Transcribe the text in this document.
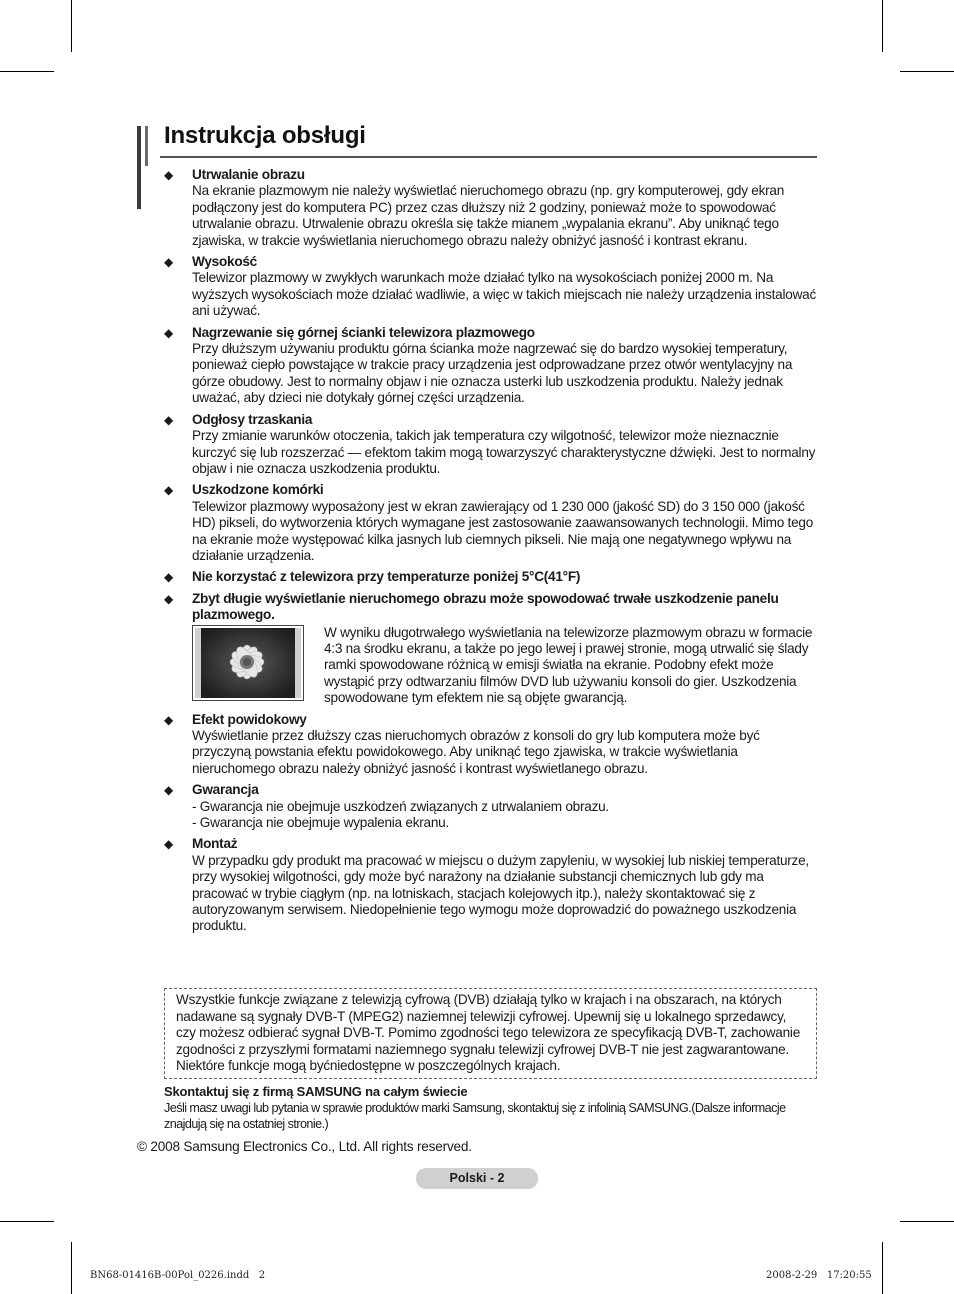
Instrukcja obsługi
◆ Utrwalanie obrazu
Na ekranie plazmowym nie należy wyświetlać nieruchomego obrazu (np. gry komputerowej, gdy ekran podłączony jest do komputera PC) przez czas dłuższy niż 2 godziny, ponieważ może to spowodować utrwalanie obrazu. Utrwalenie obrazu określa się także mianem „wypalania ekranu”. Aby uniknąć tego zjawiska, w trakcie wyświetlania nieruchomego obrazu należy obniżyć jasność i kontrast ekranu.
◆ Wysokość
Telewizor plazmowy w zwykłych warunkach może działać tylko na wysokościach poniżej 2000 m. Na wyższych wysokościach może działać wadliwie, a więc w takich miejscach nie należy urządzenia instalować ani używać.
◆ Nagrzewanie się górnej ścianki telewizora plazmowego
Przy dłuższym używaniu produktu górna ścianka może nagrzewać się do bardzo wysokiej temperatury, ponieważ ciepło powstające w trakcie pracy urządzenia jest odprowadzane przez otwór wentylacyjny na górze obudowy. Jest to normalny objaw i nie oznacza usterki lub uszkodzenia produktu. Należy jednak uważać, aby dzieci nie dotykały górnej części urządzenia.
◆ Odgłosy trzaskania
Przy zmianie warunków otoczenia, takich jak temperatura czy wilgotność, telewizor może nieznacznie kurczyć się lub rozszerzać — efektom takim mogą towarzyszyć charakterystyczne dźwięki. Jest to normalny objaw i nie oznacza uszkodzenia produktu.
◆ Uszkodzone komórki
Telewizor plazmowy wyposażony jest w ekran zawierający od 1 230 000 (jakość SD) do 3 150 000 (jakość HD) pikseli, do wytworzenia których wymagane jest zastosowanie zaawansowanych technologii. Mimo tego na ekranie może występować kilka jasnych lub ciemnych pikseli. Nie mają one negatywnego wpływu na działanie urządzenia.
◆ Nie korzystać z telewizora przy temperaturze poniżej 5°C(41°F)
◆ Zbyt długie wyświetlanie nieruchomego obrazu może spowodować trwałe uszkodzenie panelu plazmowego.
W wyniku długotrwałego wyświetlania na telewizorze plazmowym obrazu w formacie 4:3 na środku ekranu, a także po jego lewej i prawej stronie, mogą utrwalić się ślady ramki spowodowane różnicą w emisji światła na ekranie. Podobny efekt może wystąpić przy odtwarzaniu filmów DVD lub używaniu konsoli do gier. Uszkodzenia spowodowane tym efektem nie są objęte gwarancją.
◆ Efekt powidokowy
Wyświetlanie przez dłuższy czas nieruchomych obrazów z konsoli do gry lub komputera może być przyczyną powstania efektu powidokowego. Aby uniknąć tego zjawiska, w trakcie wyświetlania nieruchomego obrazu należy obniżyć jasność i kontrast wyświetlanego obrazu.
◆ Gwarancja
- Gwarancja nie obejmuje uszkodzeń związanych z utrwalaniem obrazu.
- Gwarancja nie obejmuje wypalenia ekranu.
◆ Montaż
W przypadku gdy produkt ma pracować w miejscu o dużym zapyleniu, w wysokiej lub niskiej temperaturze, przy wysokiej wilgotności, gdy może być narażony na działanie substancji chemicznych lub gdy ma pracować w trybie ciągłym (np. na lotniskach, stacjach kolejowych itp.), należy skontaktować się z autoryzowanym serwisem. Niedopełnienie tego wymogu może doprowadzić do poważnego uszkodzenia produktu.
Wszystkie funkcje związane z telewizją cyfrową (DVB) działają tylko w krajach i na obszarach, na których nadawane są sygnały DVB-T (MPEG2) naziemnej telewizji cyfrowej. Upewnij się u lokalnego sprzedawcy, czy możesz odbierać sygnał DVB-T. Pomimo zgodności tego telewizora ze specyfikacją DVB-T, zachowanie zgodności z przyszłymi formatami naziemnego sygnału telewizji cyfrowej DVB-T nie jest zagwarantowane. Niektóre funkcje mogą byćniedostępne w poszczególnych krajach.
Skontaktuj się z firmą SAMSUNG na całym świecie
Jeśli masz uwagi lub pytania w sprawie produktów marki Samsung, skontaktuj się z infolinią SAMSUNG.(Dalsze informacje znajdują się na ostatniej stronie.)
© 2008 Samsung Electronics Co., Ltd. All rights reserved.
Polski - 2
BN68-01416B-00Pol_0226.indd   2	2008-2-29   17:20:55
